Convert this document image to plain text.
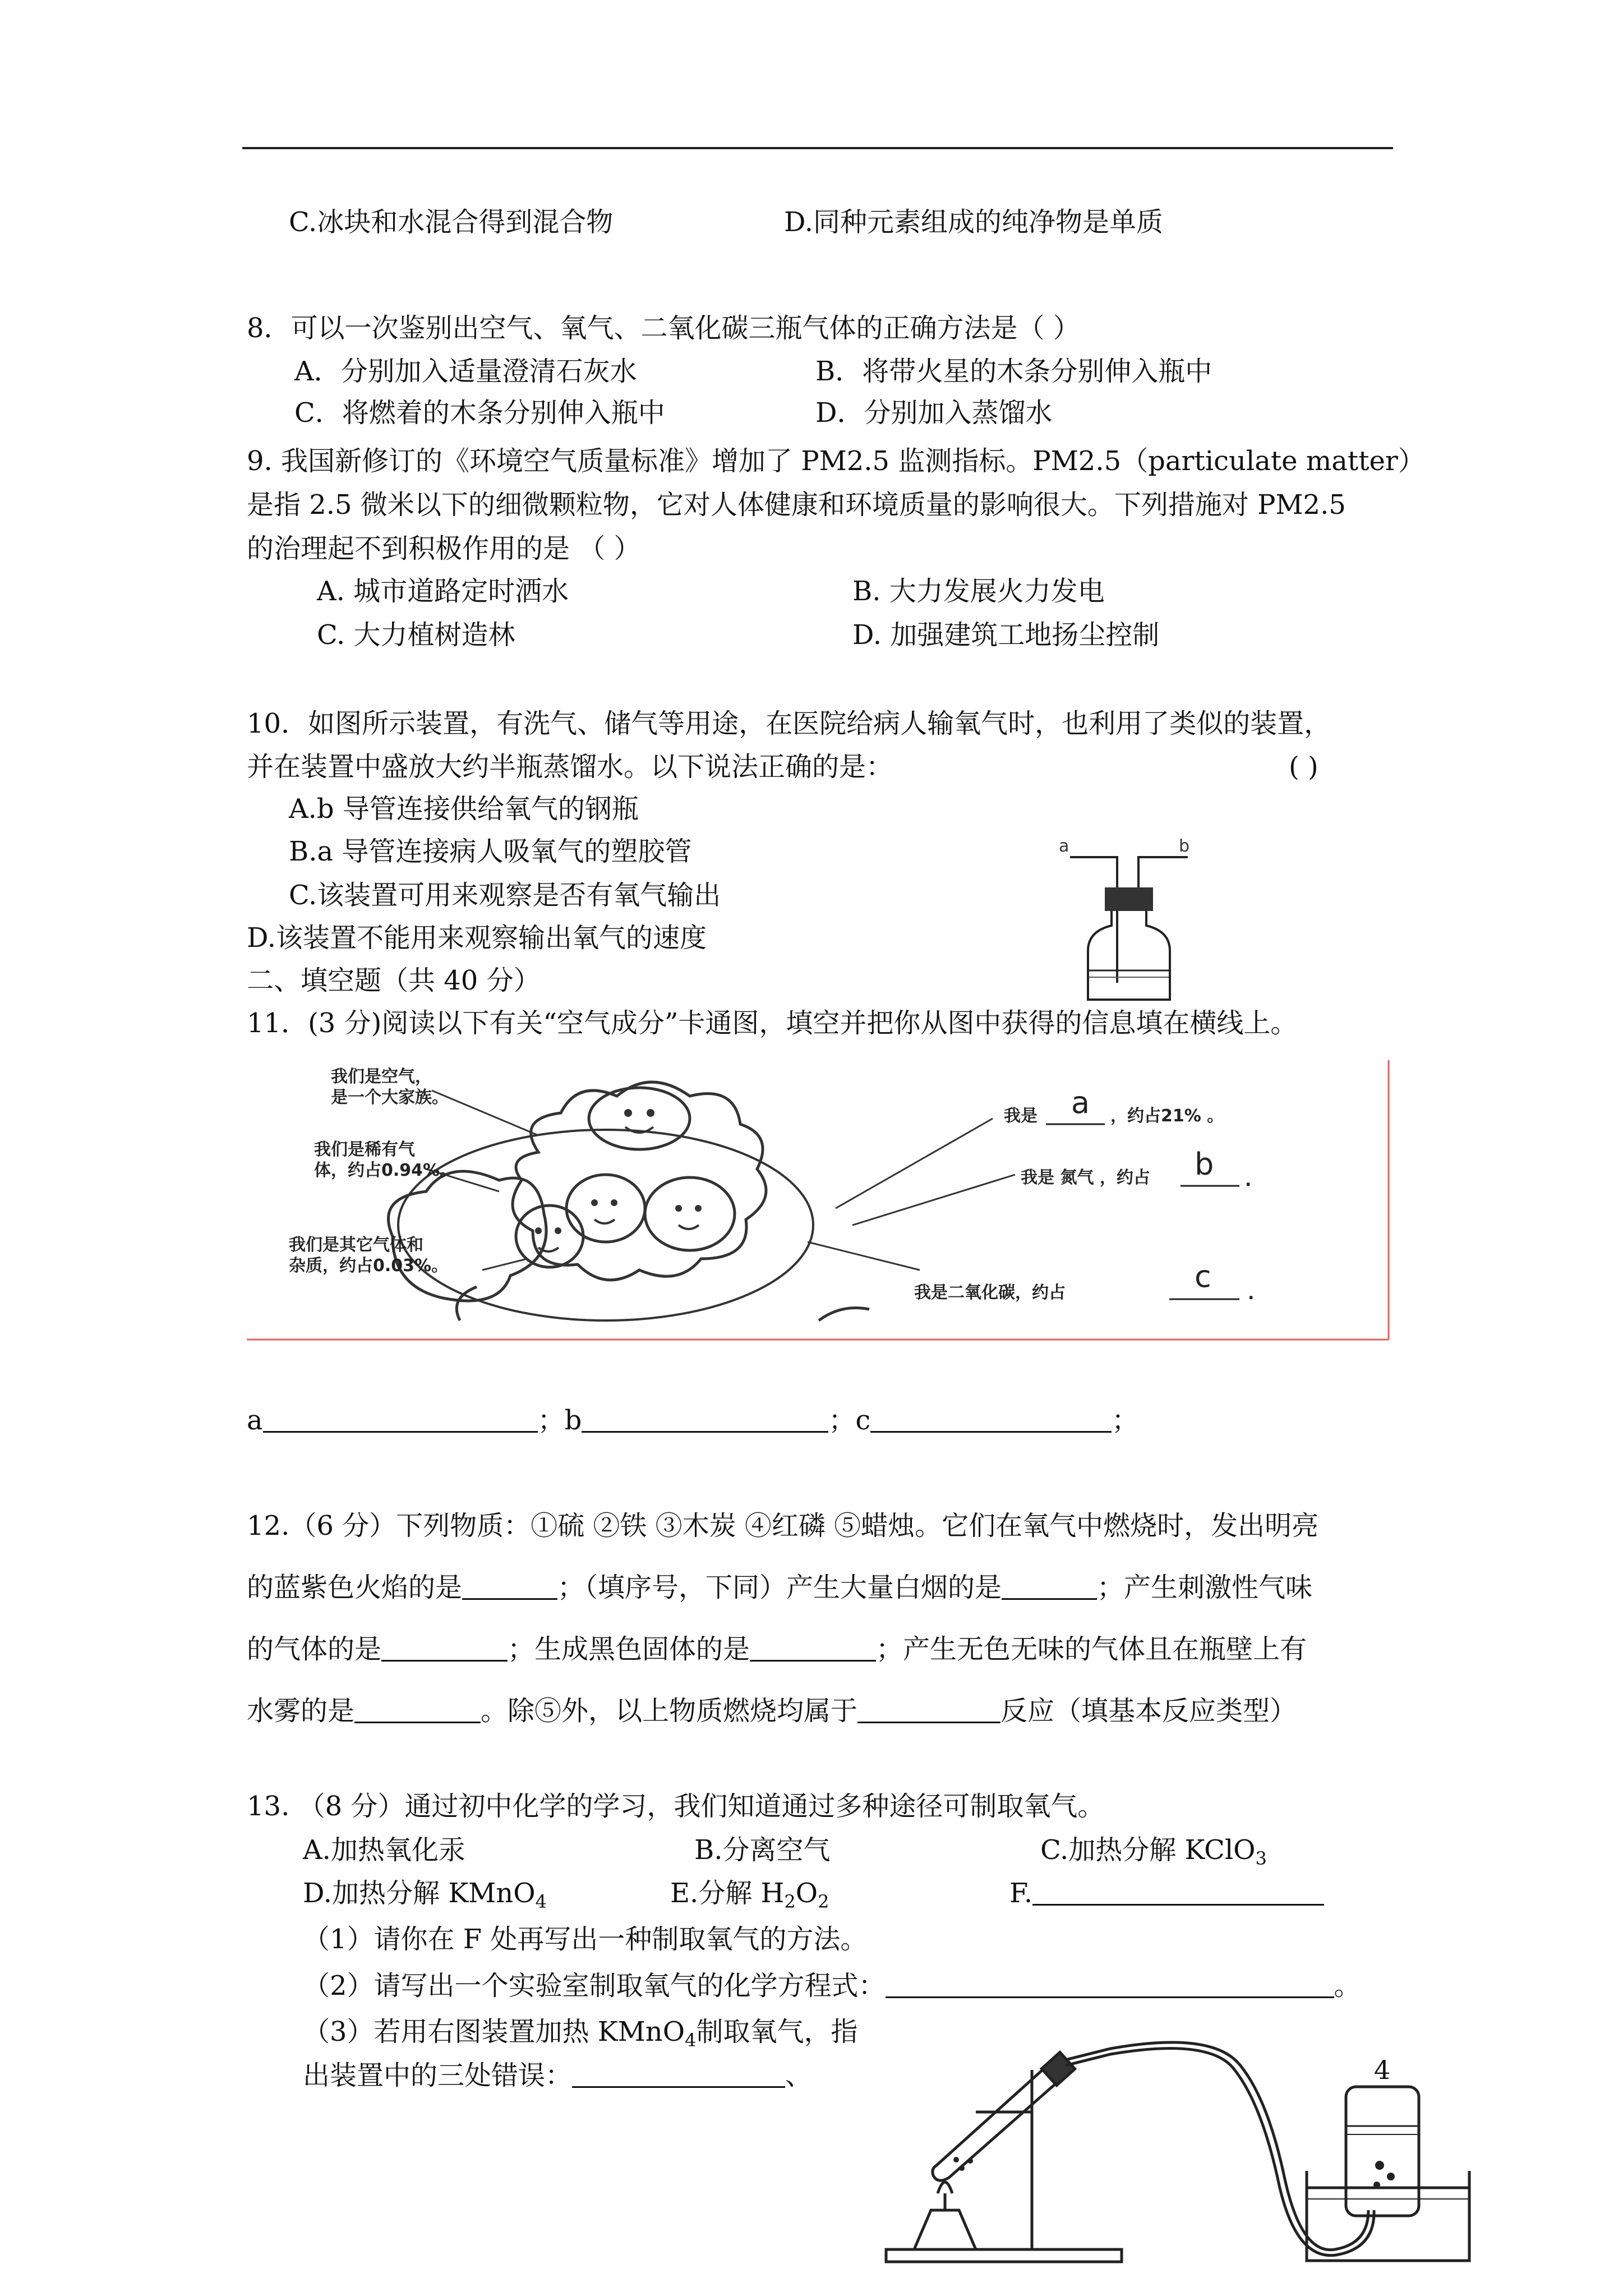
C.冰块和水混合得到混合物	D.同种元素组成的纯净物是单质
8．可以一次鉴别出空气、氧气、二氧化碳三瓶气体的正确方法是（ ）
A．分别加入适量澄清石灰水	B．将带火星的木条分别伸入瓶中
C．将燃着的木条分别伸入瓶中	D．分别加入蒸馏水
9. 我国新修订的《环境空气质量标准》增加了 PM2.5 监测指标。PM2.5（particulate matter）
是指 2.5 微米以下的细微颗粒物，它对人体健康和环境质量的影响很大。下列措施对 PM2.5
的治理起不到积极作用的是 （ ）
A. 城市道路定时洒水	B. 大力发展火力发电
C. 大力植树造林	D. 加强建筑工地扬尘控制
10．如图所示装置，有洗气、储气等用途，在医院给病人输氧气时，也利用了类似的装置，
并在装置中盛放大约半瓶蒸馏水。以下说法正确的是：	( )
A.b 导管连接供给氧气的钢瓶
B.a 导管连接病人吸氧气的塑胶管
C.该装置可用来观察是否有氧气输出
D.该装置不能用来观察输出氧气的速度
a	b
二、填空题（共 40 分）
11．(3 分)阅读以下有关“空气成分”卡通图，填空并把你从图中获得的信息填在横线上。
我们是空气，
是一个大家族。
我们是稀有气
体，约占0.94%。
我们是其它气体和
杂质，约占0.03%。
我是 a ，约占21% 。
我是 氮气 ，约占 b .
我是二氧化碳，约占	c .
a	；b	；c	；
12.（6 分）下列物质：①硫 ②铁 ③木炭 ④红磷 ⑤蜡烛。它们在氧气中燃烧时，发出明亮
的蓝紫色火焰的是	；（填序号，下同）产生大量白烟的是	；产生刺激性气味
的气体的是	；生成黑色固体的是	；产生无色无味的气体且在瓶壁上有
水雾的是	。除⑤外，以上物质燃烧均属于	反应（填基本反应类型）
13. （8 分）通过初中化学的学习，我们知道通过多种途径可制取氧气。
A.加热氧化汞	B.分离空气	C.加热分解 KClO$_3$
D.加热分解 KMnO$_4$	E.分解 $H_2O_2$	F.
（1）请你在 F 处再写出一种制取氧气的方法。
（2）请写出一个实验室制取氧气的化学方程式：	。
（3）若用右图装置加热 KMnO$_4$制取氧气，指
出装置中的三处错误：	、	4
